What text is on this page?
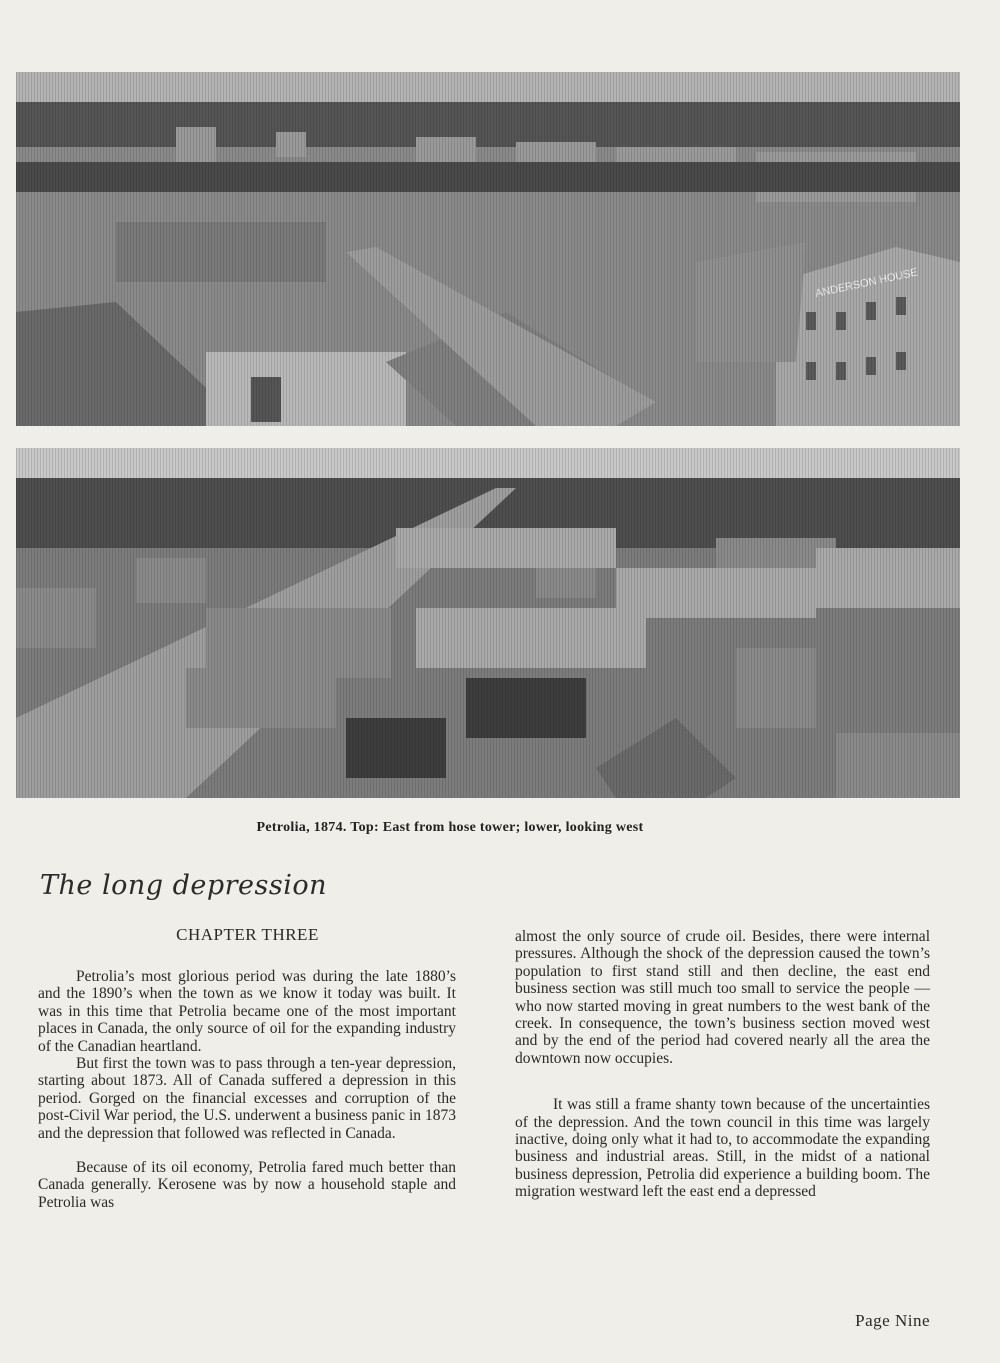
Petrolia, 1874. Top: East from hose tower; lower, looking west
The long depression
CHAPTER THREE

Petrolia’s most glorious period was during the late 1880’s and the 1890’s when the town as we know it today was built. It was in this time that Petrolia became one of the most important places in Canada, the only source of oil for the expanding industry of the Canadian heartland.

But first the town was to pass through a ten-year depression, starting about 1873. All of Canada suffered a depression in this period. Gorged on the financial excesses and corruption of the post-Civil War period, the U.S. underwent a business panic in 1873 and the depression that followed was reflected in Canada.

Because of its oil economy, Petrolia fared much better than Canada generally. Kerosene was by now a household staple and Petrolia was

almost the only source of crude oil. Besides, there were internal pressures. Although the shock of the depression caused the town’s population to first stand still and then decline, the east end business section was still much too small to service the people — who now started moving in great numbers to the west bank of the creek. In consequence, the town’s business section moved west and by the end of the period had covered nearly all the area the downtown now occupies.

It was still a frame shanty town because of the uncertainties of the depression. And the town council in this time was largely inactive, doing only what it had to, to accommodate the expanding business and industrial areas. Still, in the midst of a national business depression, Petrolia did experience a building boom. The migration westward left the east end a depressed

Page Nine
